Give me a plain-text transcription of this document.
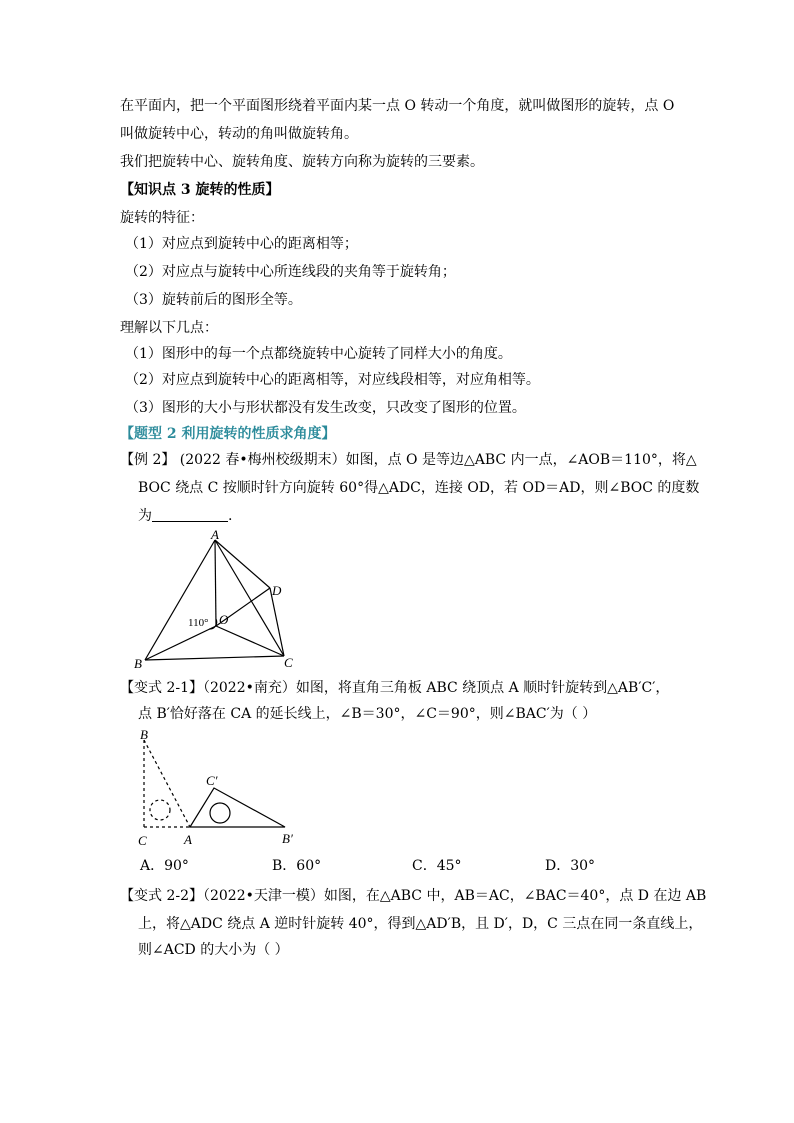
在平面内，把一个平面图形绕着平面内某一点 O 转动一个角度，就叫做图形的旋转，点 O
叫做旋转中心，转动的角叫做旋转角。
我们把旋转中心、旋转角度、旋转方向称为旋转的三要素。
【知识点 3 旋转的性质】
旋转的特征：
（1）对应点到旋转中心的距离相等；
（2）对应点与旋转中心所连线段的夹角等于旋转角；
（3）旋转前后的图形全等。
理解以下几点：
（1）图形中的每一个点都绕旋转中心旋转了同样大小的角度。
（2）对应点到旋转中心的距离相等，对应线段相等，对应角相等。
（3）图形的大小与形状都没有发生改变，只改变了图形的位置。
【题型 2 利用旋转的性质求角度】
【例 2】 (2022 春•梅州校级期末）如图，点 O 是等边△ABC 内一点，∠AOB＝110°，将△
BOC 绕点 C 按顺时针方向旋转 60°得△ADC，连接 OD，若 OD＝AD，则∠BOC 的度数
为	.
A
B	C
D
O
110°
【变式 2-1】（2022•南充）如图，将直角三角板 ABC 绕顶点 A 顺时针旋转到△AB′C′，
点 B′恰好落在 CA 的延长线上，∠B＝30°，∠C＝90°，则∠BAC′为（ ）
B
C	A
C′
B′
A．90°	B．60°	C．45°	D．30°
【变式 2-2】（2022•天津一模）如图，在△ABC 中，AB＝AC，∠BAC＝40°，点 D 在边 AB
上，将△ADC 绕点 A 逆时针旋转 40°，得到△AD′B，且 D′，D，C 三点在同一条直线上，
则∠ACD 的大小为（ ）
